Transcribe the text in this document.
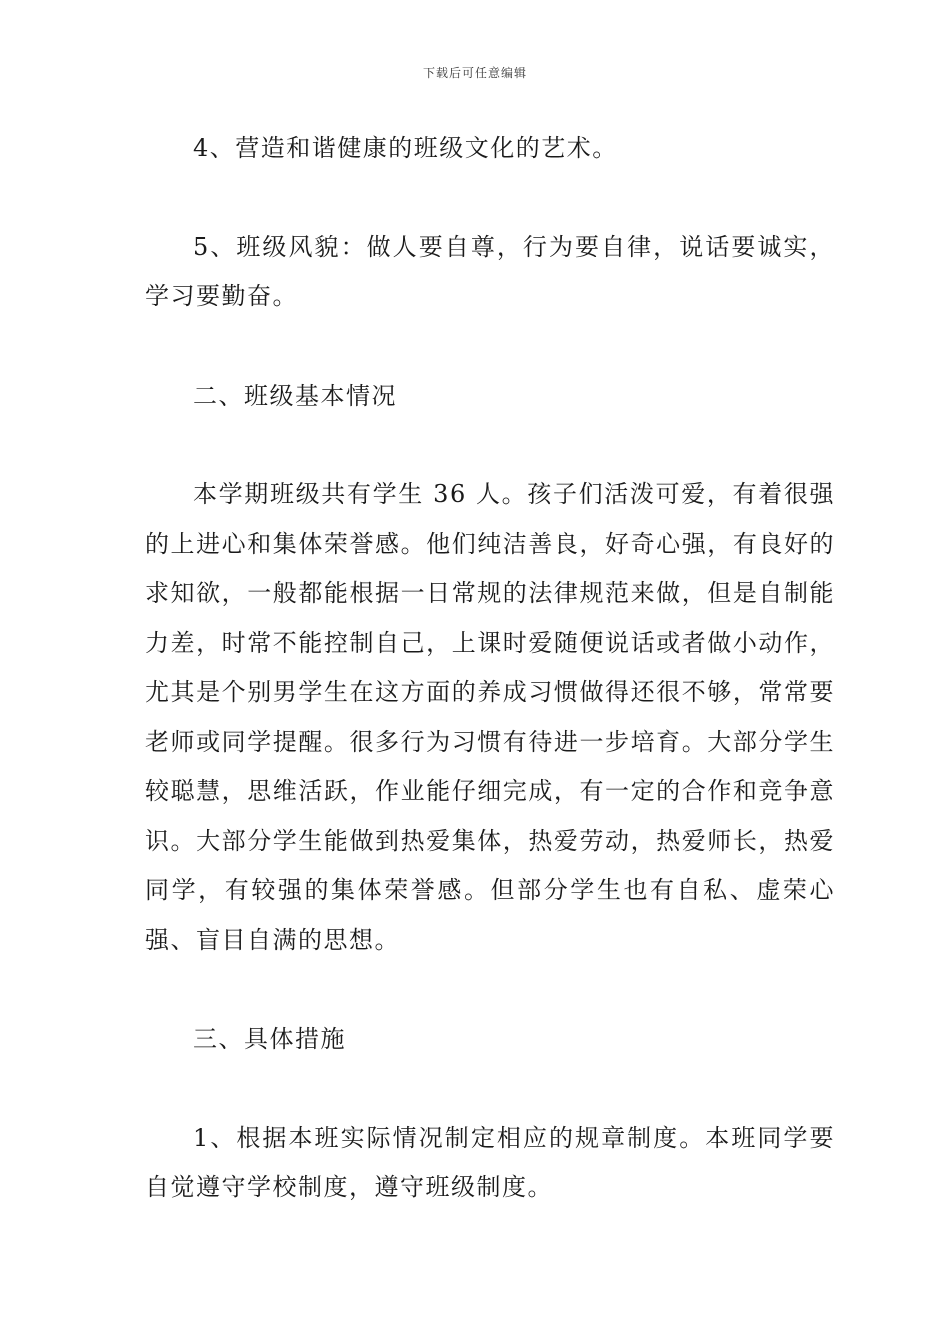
下载后可任意编辑

4、营造和谐健康的班级文化的艺术。

5、班级风貌：做人要自尊，行为要自律，说话要诚实，学习要勤奋。

二、班级基本情况

本学期班级共有学生 36 人。孩子们活泼可爱，有着很强的上进心和集体荣誉感。他们纯洁善良，好奇心强，有良好的求知欲，一般都能根据一日常规的法律规范来做，但是自制能力差，时常不能控制自己，上课时爱随便说话或者做小动作，尤其是个别男学生在这方面的养成习惯做得还很不够，常常要老师或同学提醒。很多行为习惯有待进一步培育。大部分学生较聪慧，思维活跃，作业能仔细完成，有一定的合作和竞争意识。大部分学生能做到热爱集体，热爱劳动，热爱师长，热爱同学，有较强的集体荣誉感。但部分学生也有自私、虚荣心强、盲目自满的思想。

三、具体措施

1、根据本班实际情况制定相应的规章制度。本班同学要自觉遵守学校制度，遵守班级制度。
